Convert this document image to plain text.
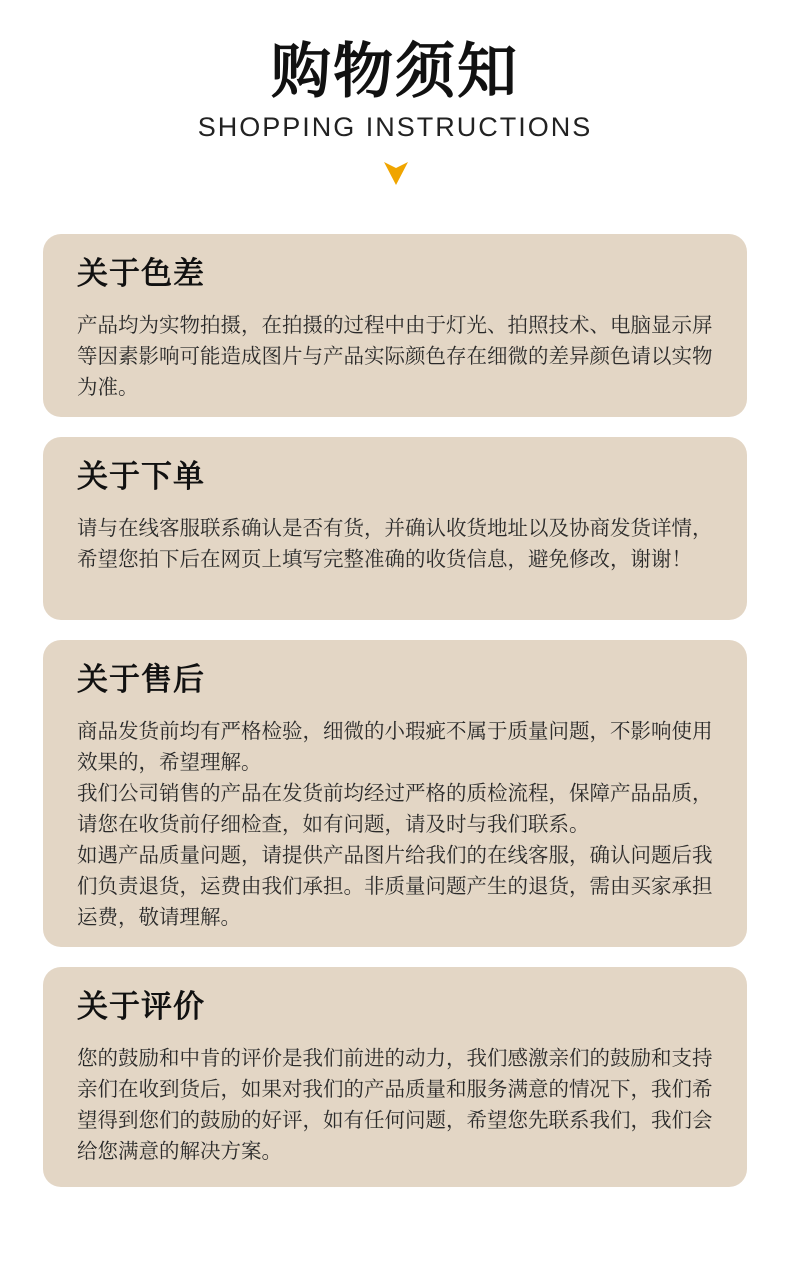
购物须知
SHOPPING INSTRUCTIONS
关于色差

产品均为实物拍摄，在拍摄的过程中由于灯光、拍照技术、电脑显示屏等因素影响可能造成图片与产品实际颜色存在细微的差异颜色请以实物为准。

关于下单

请与在线客服联系确认是否有货，并确认收货地址以及协商发货详情，希望您拍下后在网页上填写完整准确的收货信息，避免修改，谢谢！

关于售后

商品发货前均有严格检验，细微的小瑕疵不属于质量问题，不影响使用效果的，希望理解。

我们公司销售的产品在发货前均经过严格的质检流程，保障产品品质，请您在收货前仔细检查，如有问题，请及时与我们联系。

如遇产品质量问题，请提供产品图片给我们的在线客服，确认问题后我们负责退货，运费由我们承担。非质量问题产生的退货，需由买家承担运费，敬请理解。

关于评价

您的鼓励和中肯的评价是我们前进的动力，我们感激亲们的鼓励和支持亲们在收到货后，如果对我们的产品质量和服务满意的情况下，我们希望得到您们的鼓励的好评，如有任何问题，希望您先联系我们，我们会给您满意的解决方案。
